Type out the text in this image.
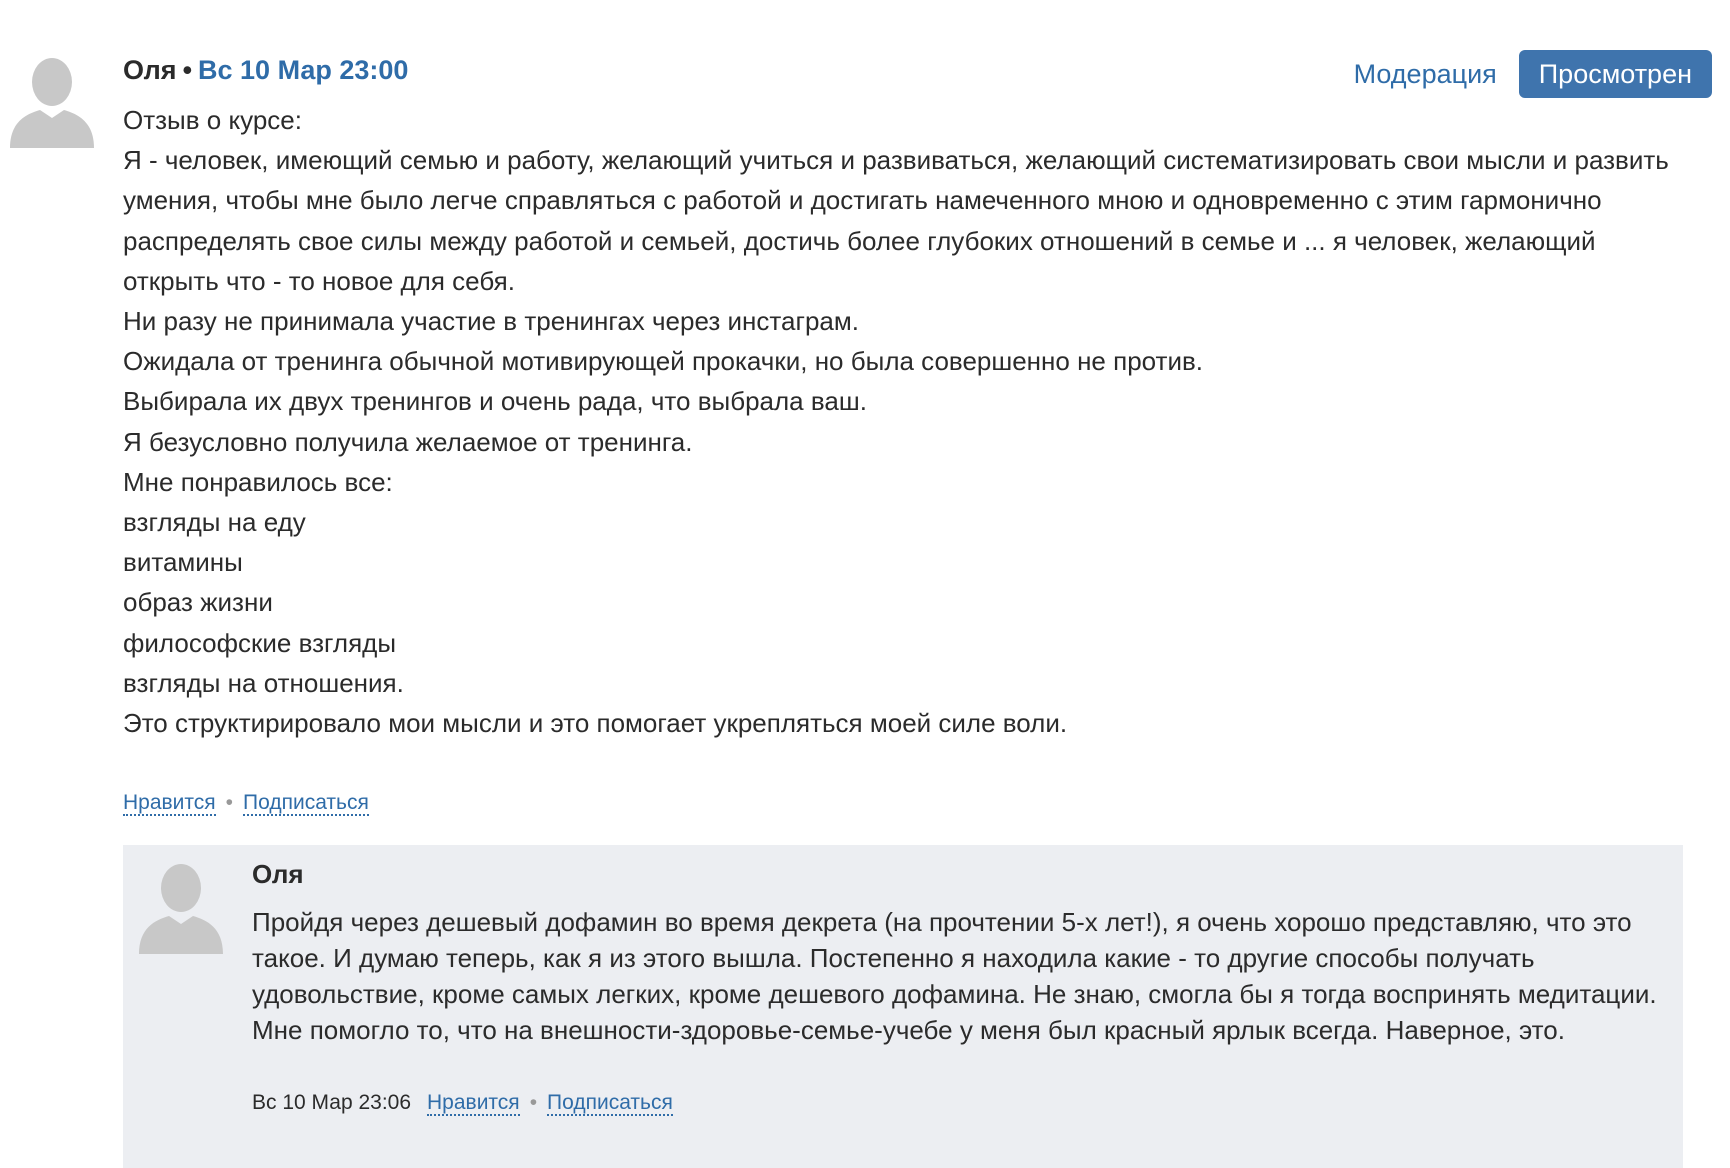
Оля • Вс 10 Мар 23:00	Модерация	Просмотрен

Отзыв о курсе:

Я - человек, имеющий семью и работу, желающий учиться и развиваться, желающий систематизировать свои мысли и развить умения, чтобы мне было легче справляться с работой и достигать намеченного мною и одновременно с этим гармонично распределять свое силы между работой и семьей, достичь более глубоких отношений в семье и ... я человек, желающий открыть что - то новое для себя.

Ни разу не принимала участие в тренингах через инстаграм.

Ожидала от тренинга обычной мотивирующей прокачки, но была совершенно не против.

Выбирала их двух тренингов и очень рада, что выбрала ваш.

Я безусловно получила желаемое от тренинга.

Мне понравилось все:

взгляды на еду

витамины

образ жизни

философские взгляды

взгляды на отношения.

Это структирировало мои мысли и это помогает укрепляться моей силе воли.

Нравится • Подписаться
Оля
Пройдя через дешевый дофамин во время декрета (на прочтении 5-х лет!), я очень хорошо представляю, что это такое. И думаю теперь, как я из этого вышла. Постепенно я находила какие - то другие способы получать удовольствие, кроме самых легких, кроме дешевого дофамина. Не знаю, смогла бы я тогда воспринять медитации. Мне помогло то, что на внешности-здоровье-семье-учебе у меня был красный ярлык всегда. Наверное, это.
Вс 10 Мар 23:06 Нравится • Подписаться
